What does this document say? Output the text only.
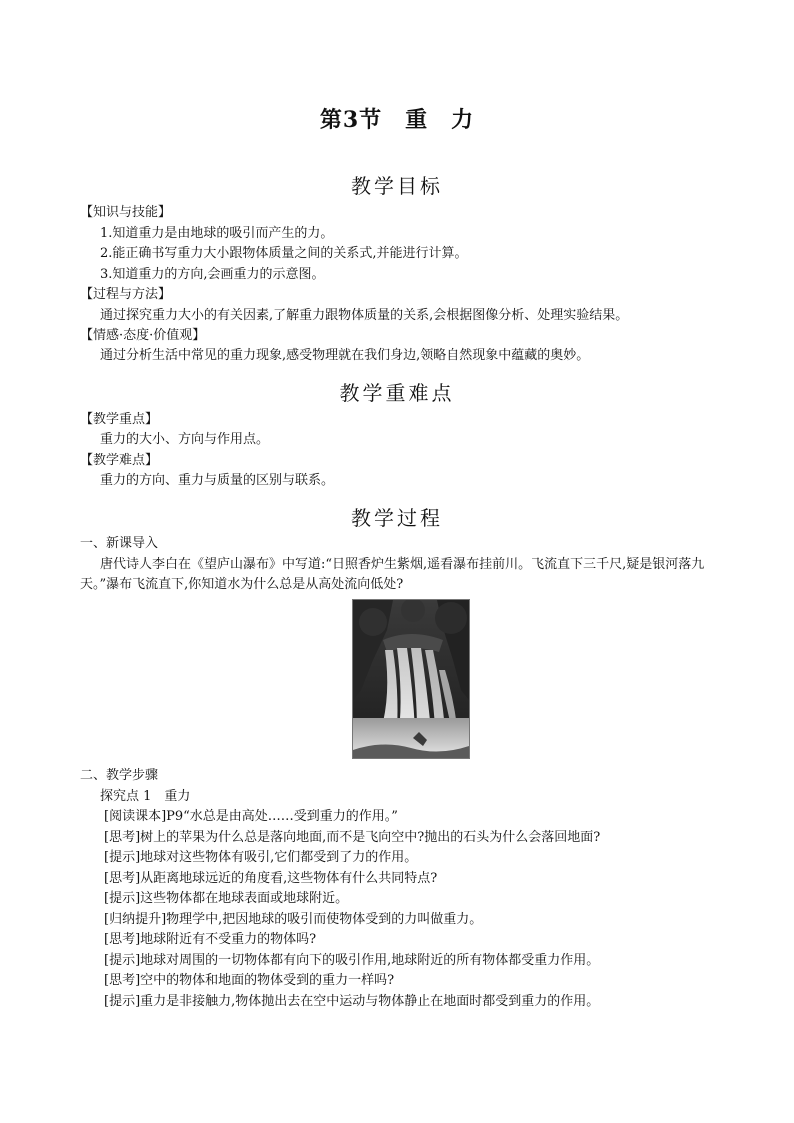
第3节　重　力
教学目标
【知识与技能】
1.知道重力是由地球的吸引而产生的力。
2.能正确书写重力大小跟物体质量之间的关系式,并能进行计算。
3.知道重力的方向,会画重力的示意图。
【过程与方法】
通过探究重力大小的有关因素,了解重力跟物体质量的关系,会根据图像分析、处理实验结果。
【情感·态度·价值观】
通过分析生活中常见的重力现象,感受物理就在我们身边,领略自然现象中蕴藏的奥妙。
教学重难点
【教学重点】
重力的大小、方向与作用点。
【教学难点】
重力的方向、重力与质量的区别与联系。
教学过程
一、新课导入
唐代诗人李白在《望庐山瀑布》中写道:“日照香炉生紫烟,遥看瀑布挂前川。飞流直下三千尺,疑是银河落九天。”瀑布飞流直下,你知道水为什么总是从高处流向低处?
二、教学步骤
探究点 1　重力
[阅读课本]P9“水总是由高处……受到重力的作用。”
[思考]树上的苹果为什么总是落向地面,而不是飞向空中?抛出的石头为什么会落回地面?
[提示]地球对这些物体有吸引,它们都受到了力的作用。
[思考]从距离地球远近的角度看,这些物体有什么共同特点?
[提示]这些物体都在地球表面或地球附近。
[归纳提升]物理学中,把因地球的吸引而使物体受到的力叫做重力。
[思考]地球附近有不受重力的物体吗?
[提示]地球对周围的一切物体都有向下的吸引作用,地球附近的所有物体都受重力作用。
[思考]空中的物体和地面的物体受到的重力一样吗?
[提示]重力是非接触力,物体抛出去在空中运动与物体静止在地面时都受到重力的作用。
